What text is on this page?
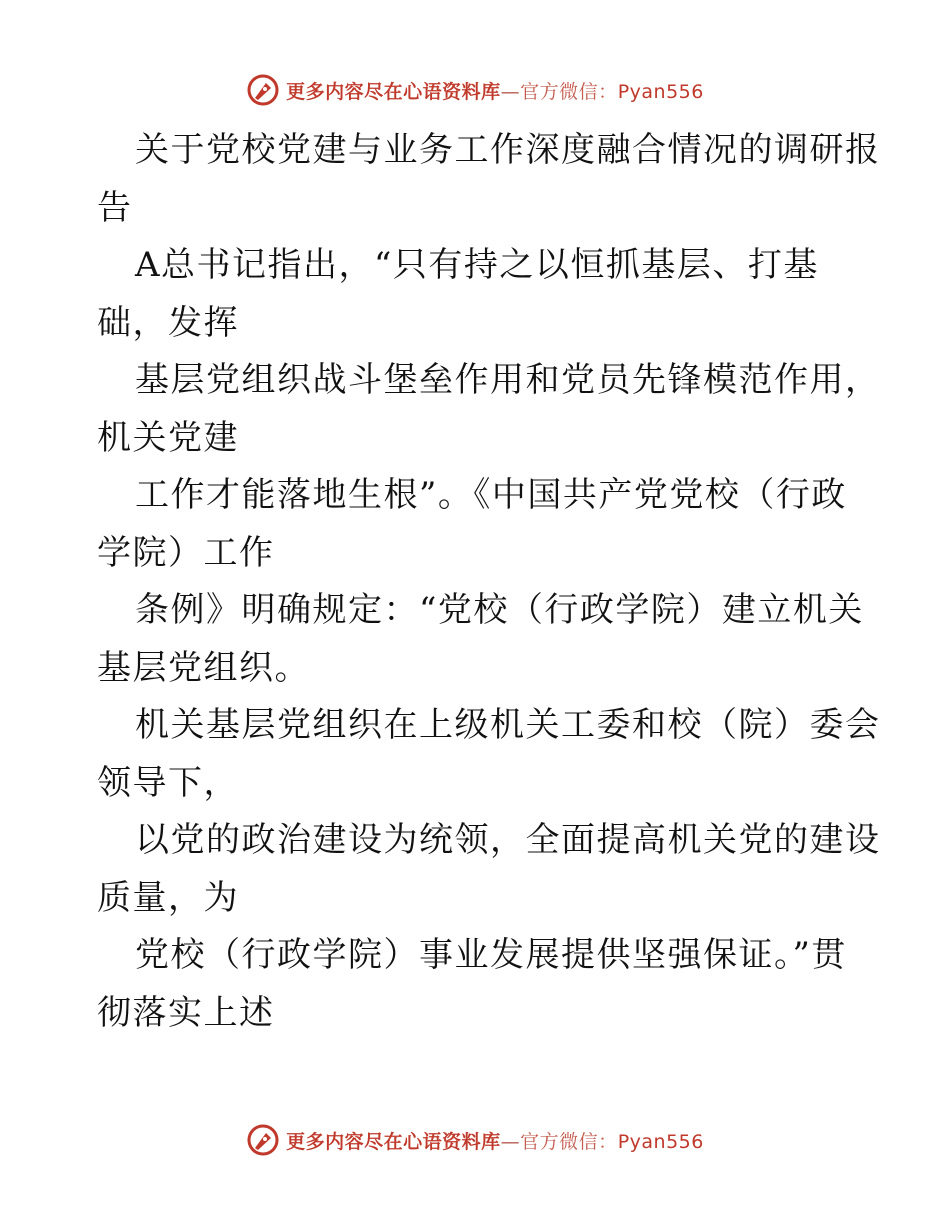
更多内容尽在心语资料库—官方微信：Pyan556
关于党校党建与业务工作深度融合情况的调研报
告
A总书记指出，“只有持之以恒抓基层、打基
础，发挥
基层党组织战斗堡垒作用和党员先锋模范作用，
机关党建
工作才能落地生根”。《中国共产党党校（行政
学院）工作
条例》明确规定：“党校（行政学院）建立机关
基层党组织。
机关基层党组织在上级机关工委和校（院）委会
领导下，
以党的政治建设为统领，全面提高机关党的建设
质量，为
党校（行政学院）事业发展提供坚强保证。”贯
彻落实上述
更多内容尽在心语资料库—官方微信：Pyan556
